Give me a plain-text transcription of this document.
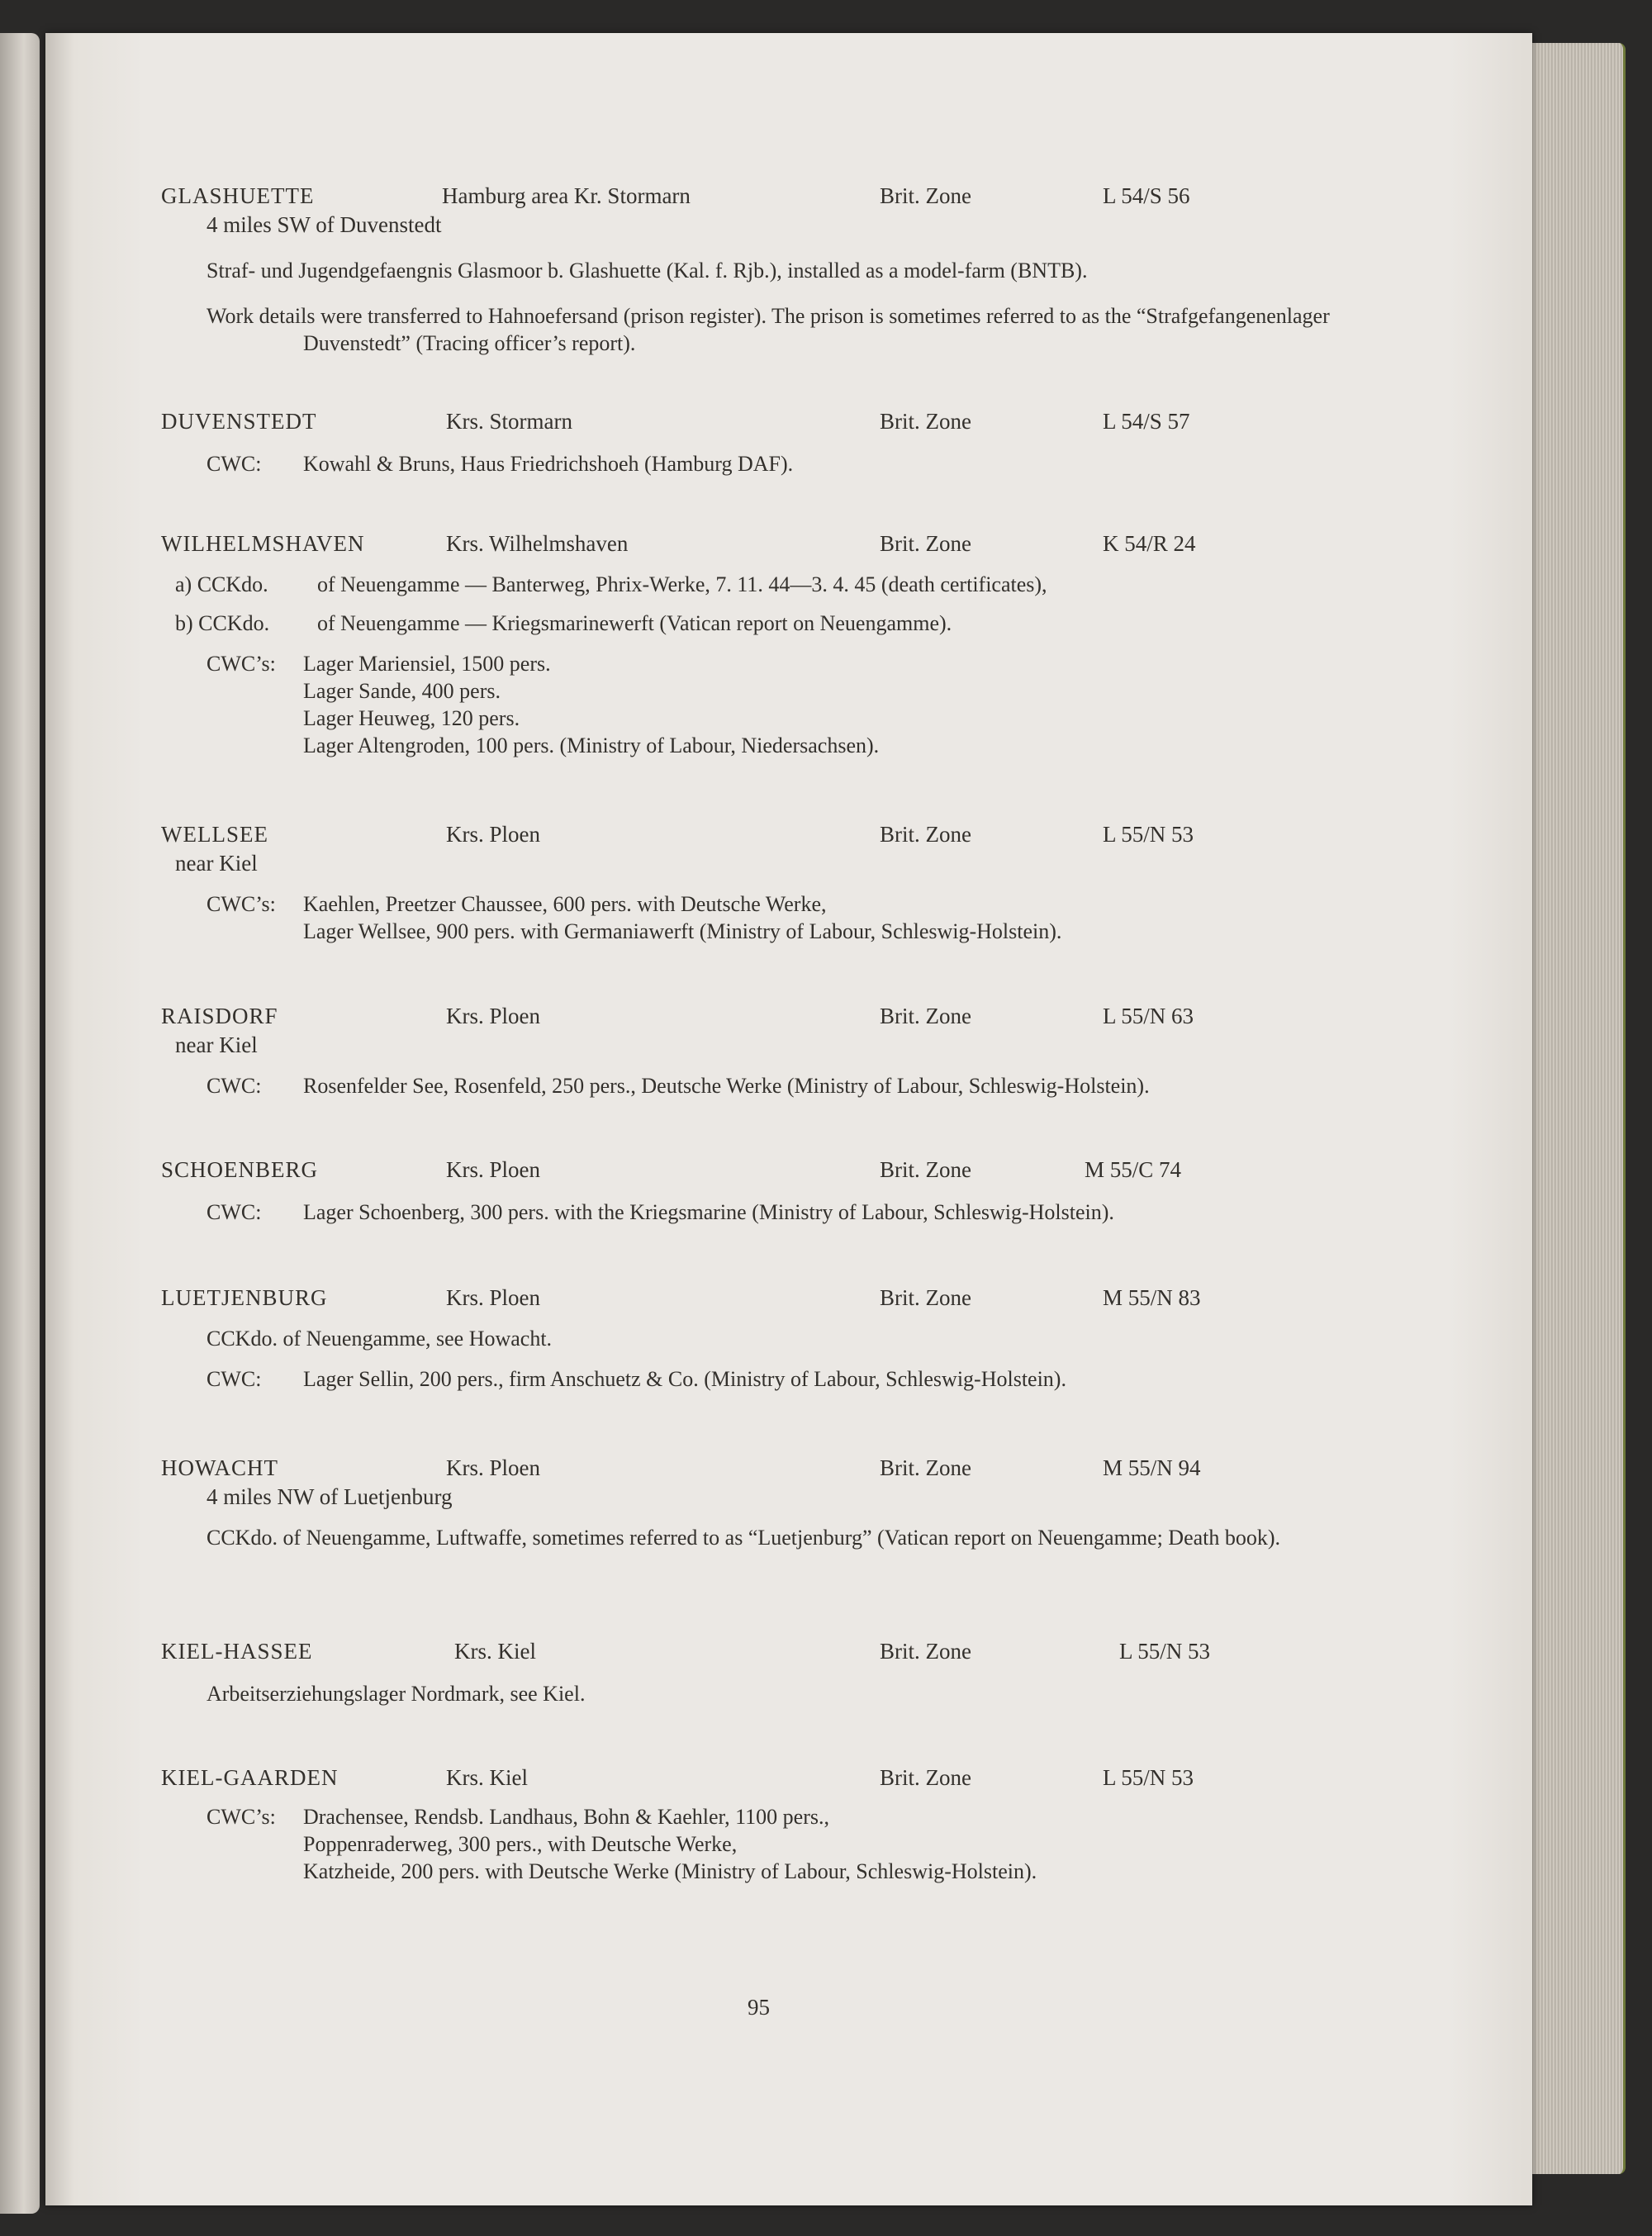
GLASHUETTE	Hamburg area Kr. Stormarn	Brit. Zone	L 54/S 56
4 miles SW of Duvenstedt
Straf- und Jugendgefaengnis Glasmoor b. Glashuette (Kal. f. Rjb.), installed as a model-farm (BNTB).
Work details were transferred to Hahnoefersand (prison register). The prison is sometimes referred to as the “Strafgefangenenlager Duvenstedt” (Tracing officer’s report).
DUVENSTEDT	Krs. Stormarn	Brit. Zone	L 54/S 57
CWC:	Kowahl & Bruns, Haus Friedrichshoeh (Hamburg DAF).
WILHELMSHAVEN	Krs. Wilhelmshaven	Brit. Zone	K 54/R 24
a) CCKdo.	of Neuengamme — Banterweg, Phrix-Werke, 7. 11. 44—3. 4. 45 (death certificates),
b) CCKdo.	of Neuengamme — Kriegsmarinewerft (Vatican report on Neuengamme).
CWC’s:	Lager Mariensiel, 1500 pers.
Lager Sande, 400 pers.
Lager Heuweg, 120 pers.
Lager Altengroden, 100 pers. (Ministry of Labour, Niedersachsen).
WELLSEE	Krs. Ploen	Brit. Zone	L 55/N 53
near Kiel
CWC’s:	Kaehlen, Preetzer Chaussee, 600 pers. with Deutsche Werke,
Lager Wellsee, 900 pers. with Germaniawerft (Ministry of Labour, Schleswig-Holstein).
RAISDORF	Krs. Ploen	Brit. Zone	L 55/N 63
near Kiel
CWC:	Rosenfelder See, Rosenfeld, 250 pers., Deutsche Werke (Ministry of Labour, Schleswig-Holstein).
SCHOENBERG	Krs. Ploen	Brit. Zone	M 55/C 74
CWC:	Lager Schoenberg, 300 pers. with the Kriegsmarine (Ministry of Labour, Schleswig-Holstein).
LUETJENBURG	Krs. Ploen	Brit. Zone	M 55/N 83
CCKdo. of Neuengamme, see Howacht.
CWC:	Lager Sellin, 200 pers., firm Anschuetz & Co. (Ministry of Labour, Schleswig-Holstein).
HOWACHT	Krs. Ploen	Brit. Zone	M 55/N 94
4 miles NW of Luetjenburg
CCKdo. of Neuengamme, Luftwaffe, sometimes referred to as “Luetjenburg” (Vatican report on Neuengamme; Death book).
KIEL-HASSEE	Krs. Kiel	Brit. Zone	L 55/N 53
Arbeitserziehungslager Nordmark, see Kiel.
KIEL-GAARDEN	Krs. Kiel	Brit. Zone	L 55/N 53
CWC’s:	Drachensee, Rendsb. Landhaus, Bohn & Kaehler, 1100 pers.,
Poppenraderweg, 300 pers., with Deutsche Werke,
Katzheide, 200 pers. with Deutsche Werke (Ministry of Labour, Schleswig-Holstein).
95
